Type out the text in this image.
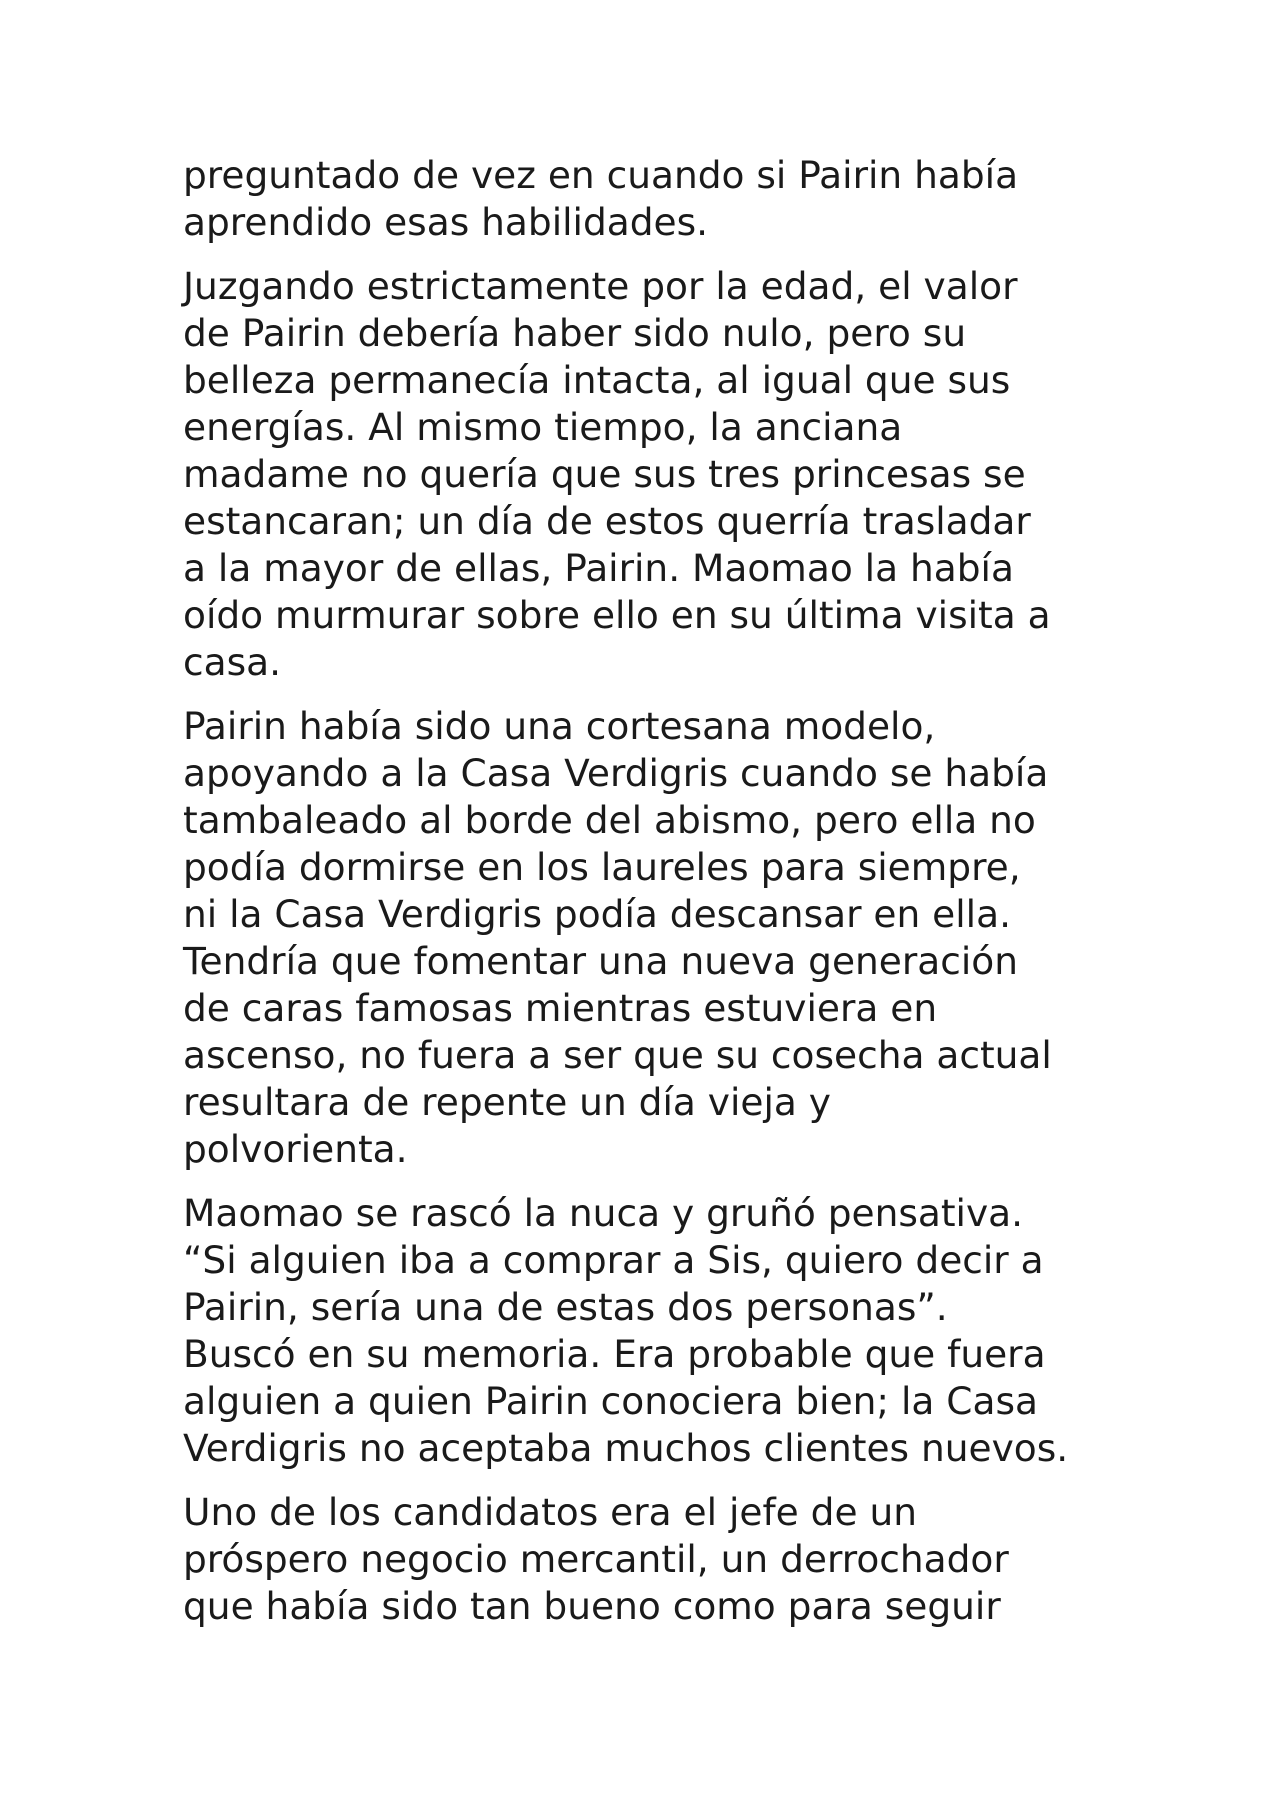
preguntado de vez en cuando si Pairin había
aprendido esas habilidades.

Juzgando estrictamente por la edad, el valor
de Pairin debería haber sido nulo, pero su
belleza permanecía intacta, al igual que sus
energías. Al mismo tiempo, la anciana
madame no quería que sus tres princesas se
estancaran; un día de estos querría trasladar
a la mayor de ellas, Pairin. Maomao la había
oído murmurar sobre ello en su última visita a
casa.

Pairin había sido una cortesana modelo,
apoyando a la Casa Verdigris cuando se había
tambaleado al borde del abismo, pero ella no
podía dormirse en los laureles para siempre,
ni la Casa Verdigris podía descansar en ella.
Tendría que fomentar una nueva generación
de caras famosas mientras estuviera en
ascenso, no fuera a ser que su cosecha actual
resultara de repente un día vieja y
polvorienta.

Maomao se rascó la nuca y gruñó pensativa.
“Si alguien iba a comprar a Sis, quiero decir a
Pairin, sería una de estas dos personas”.
Buscó en su memoria. Era probable que fuera
alguien a quien Pairin conociera bien; la Casa
Verdigris no aceptaba muchos clientes nuevos.

Uno de los candidatos era el jefe de un
próspero negocio mercantil, un derrochador
que había sido tan bueno como para seguir
